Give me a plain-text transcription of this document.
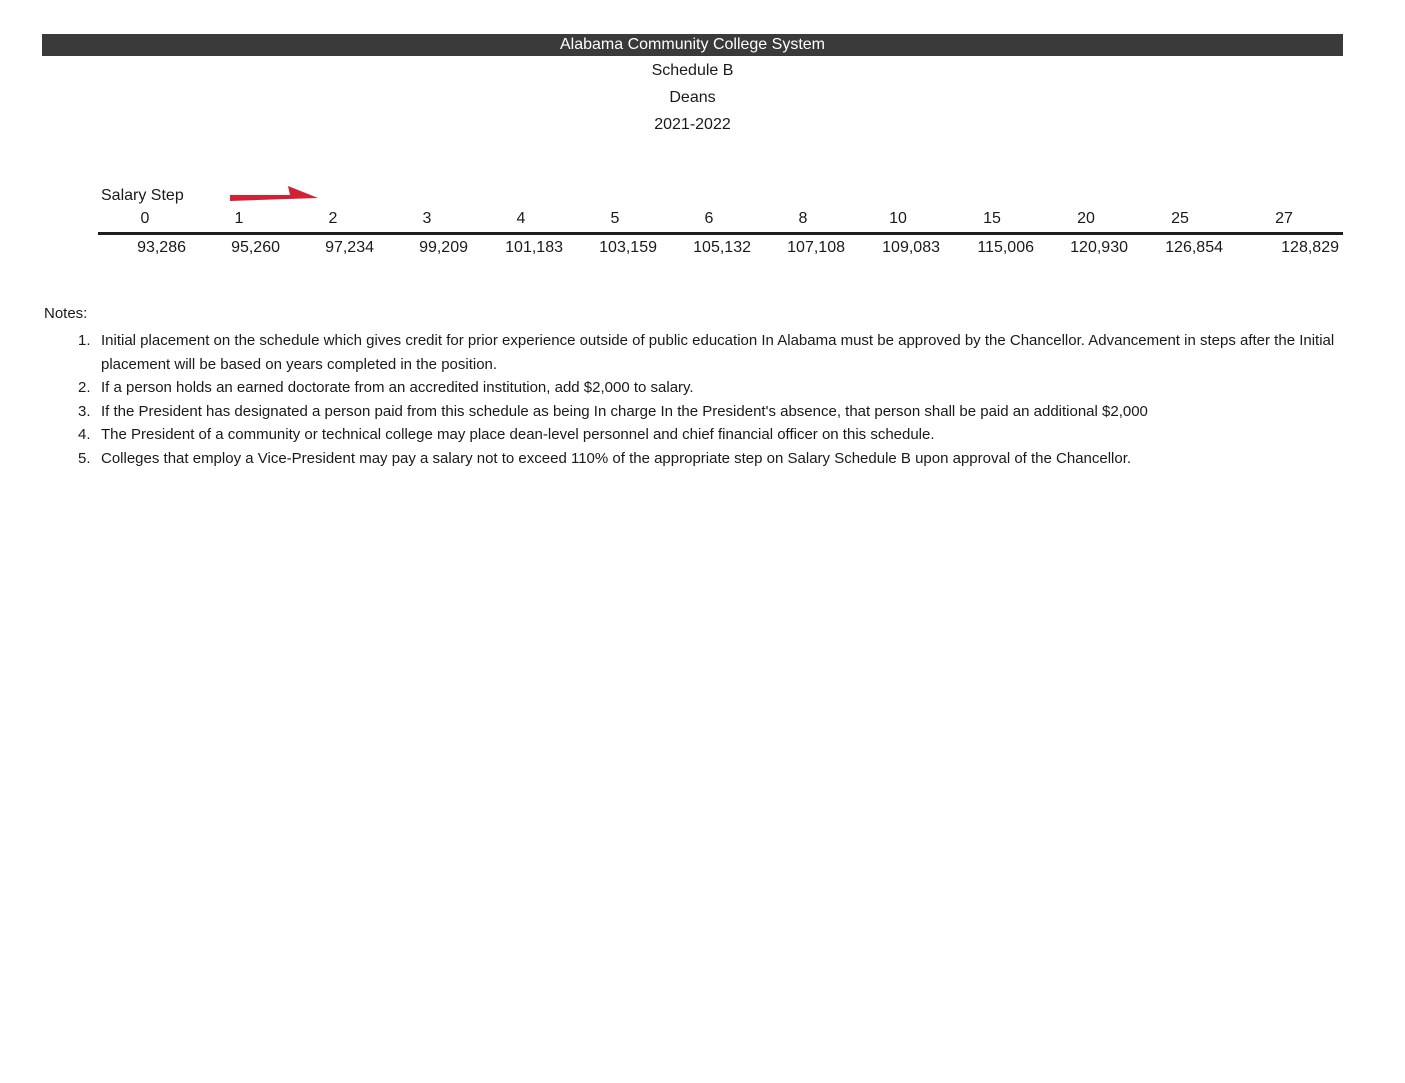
Alabama Community College System
Schedule B
Deans
2021-2022
Salary Step
0	1	2	3	4	5	6	8	10	15	20	25	27
93,286	95,260	97,234	99,209	101,183	103,159	105,132	107,108	109,083	115,006	120,930	126,854	128,829
Notes:
1. Initial placement on the schedule which gives credit for prior experience outside of public education In Alabama must be approved by the Chancellor. Advancement in steps after the Initial placement will be based on years completed in the position.
2. If a person holds an earned doctorate from an accredited institution, add $2,000 to salary.
3. If the President has designated a person paid from this schedule as being In charge In the President's absence, that person shall be paid an additional $2,000
4. The President of a community or technical college may place dean-level personnel and chief financial officer on this schedule.
5. Colleges that employ a Vice-President may pay a salary not to exceed 110% of the appropriate step on Salary Schedule B upon approval of the Chancellor.
